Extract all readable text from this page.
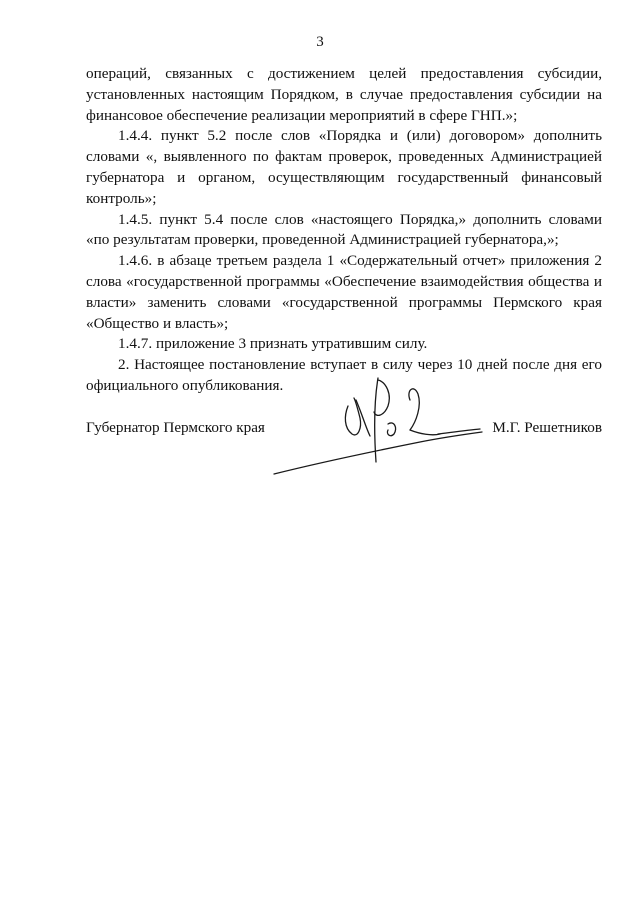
3

операций, связанных с достижением целей предоставления субсидии, установленных настоящим Порядком, в случае предоставления субсидии на финансовое обеспечение реализации мероприятий в сфере ГНП.»;

1.4.4. пункт 5.2 после слов «Порядка и (или) договором» дополнить словами «, выявленного по фактам проверок, проведенных Администрацией губернатора и органом, осуществляющим государственный финансовый контроль»;

1.4.5. пункт 5.4 после слов «настоящего Порядка,» дополнить словами «по результатам проверки, проведенной Администрацией губернатора,»;

1.4.6. в абзаце третьем раздела 1 «Содержательный отчет» приложения 2 слова «государственной программы «Обеспечение взаимодействия общества и власти» заменить словами «государственной программы Пермского края «Общество и власть»;

1.4.7. приложение 3 признать утратившим силу.

2. Настоящее постановление вступает в силу через 10 дней после дня его официального опубликования.

Губернатор Пермского края	М.Г. Решетников
